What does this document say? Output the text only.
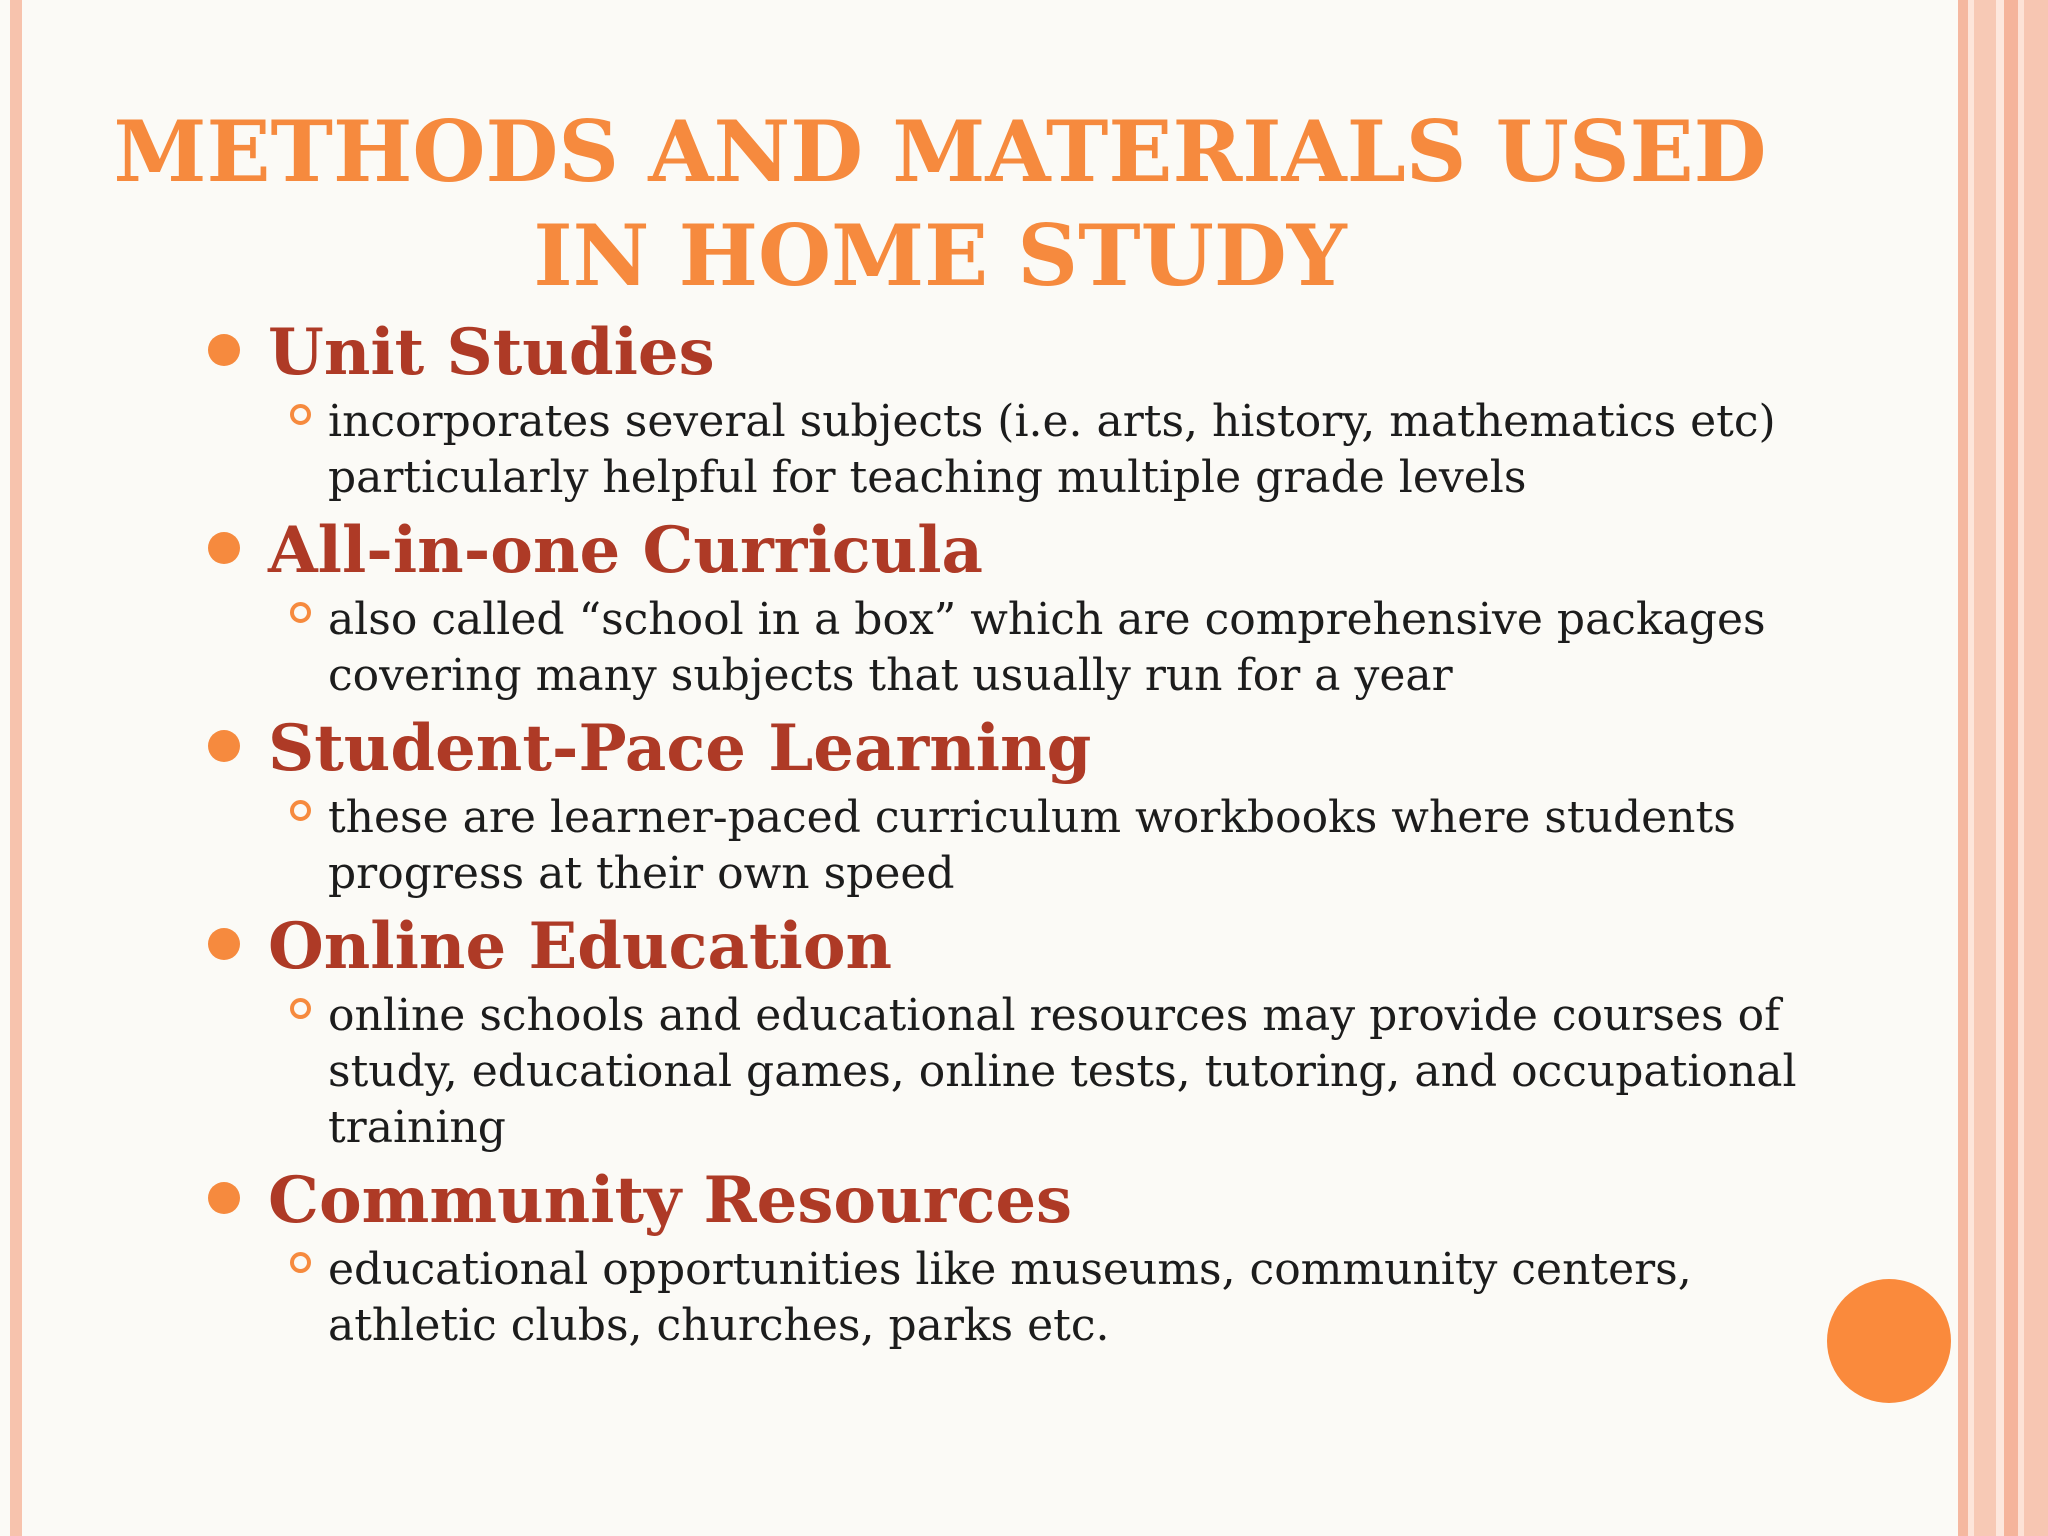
METHODS AND MATERIALS USED IN HOME STUDY
Unit Studies
incorporates several subjects (i.e. arts, history, mathematics etc) particularly helpful for teaching multiple grade levels
All-in-one Curricula
also called “school in a box” which are comprehensive packages covering many subjects that usually run for a year
Student-Pace Learning
these are learner-paced curriculum workbooks where students progress at their own speed
Online Education
online schools and educational resources may provide courses of study, educational games, online tests, tutoring, and occupational training
Community Resources
educational opportunities like museums, community centers, athletic clubs, churches, parks etc.
